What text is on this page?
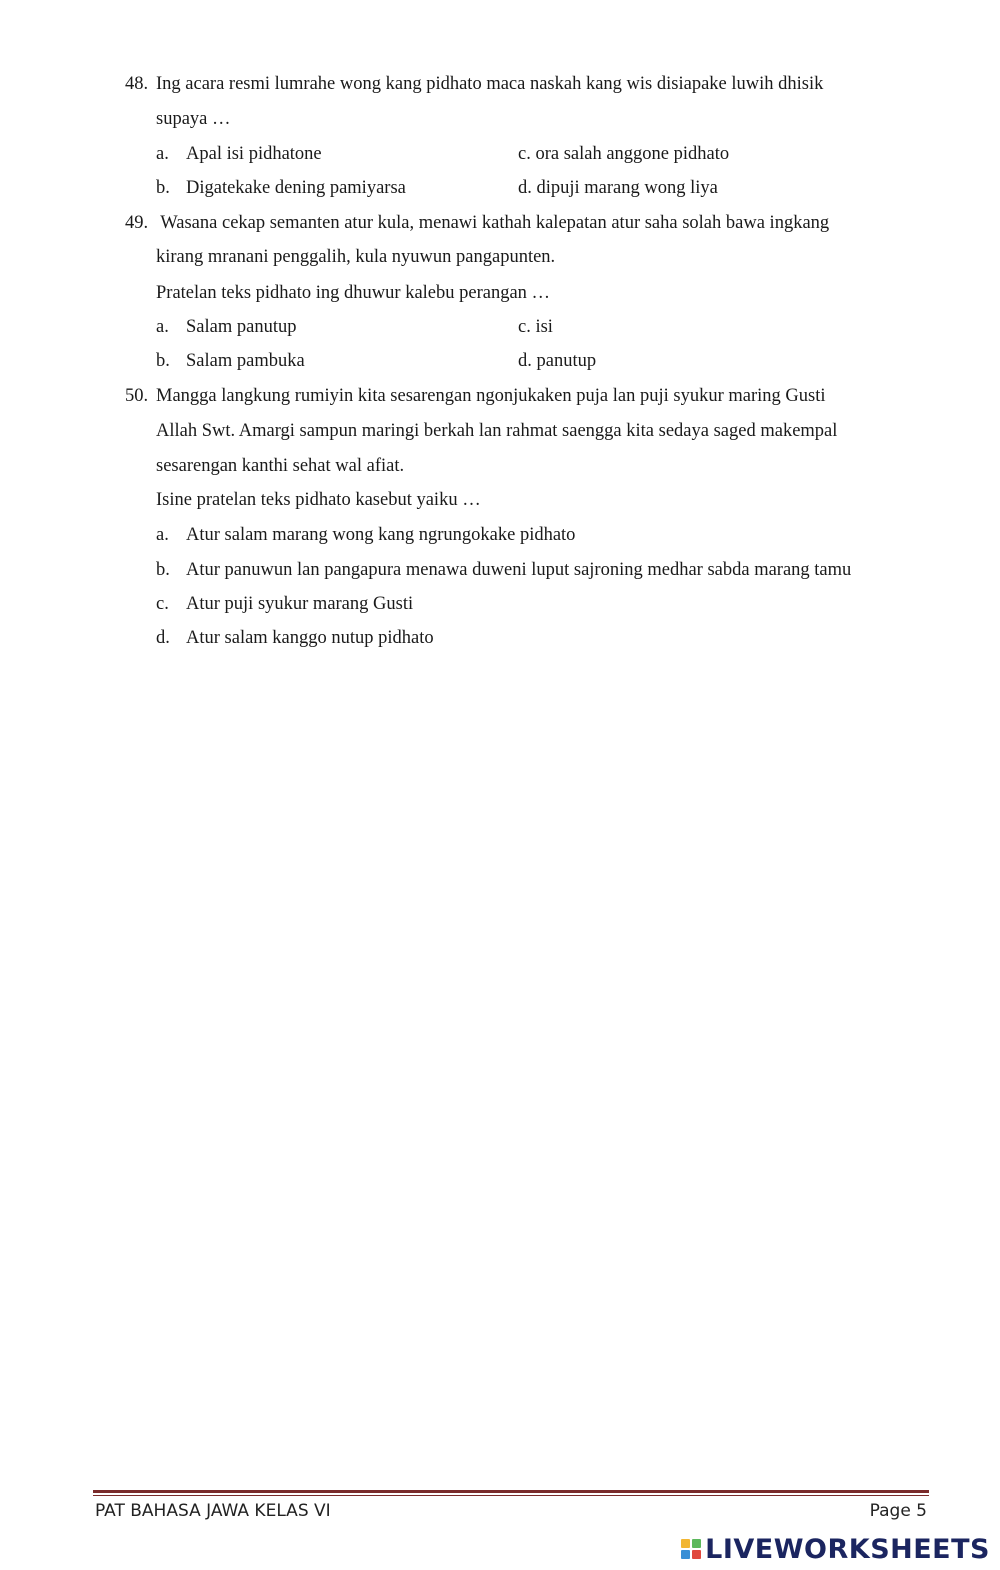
48. Ing acara resmi lumrahe wong kang pidhato maca naskah kang wis disiapake luwih dhisik
supaya …
a. Apal isi pidhatone	c. ora salah anggone pidhato
b. Digatekake dening pamiyarsa	d. dipuji marang wong liya
49. Wasana cekap semanten atur kula, menawi kathah kalepatan atur saha solah bawa ingkang
kirang mranani penggalih, kula nyuwun pangapunten.
Pratelan teks pidhato ing dhuwur kalebu perangan …
a. Salam panutup	c. isi
b. Salam pambuka	d. panutup
50. Mangga langkung rumiyin kita sesarengan ngonjukaken puja lan puji syukur maring Gusti
Allah Swt. Amargi sampun maringi berkah lan rahmat saengga kita sedaya saged makempal
sesarengan kanthi sehat wal afiat.
Isine pratelan teks pidhato kasebut yaiku …
a. Atur salam marang wong kang ngrungokake pidhato
b. Atur panuwun lan pangapura menawa duweni luput sajroning medhar sabda marang tamu
c. Atur puji syukur marang Gusti
d. Atur salam kanggo nutup pidhato
PAT BAHASA JAWA KELAS VI	Page 5
LIVEWORKSHEETS
